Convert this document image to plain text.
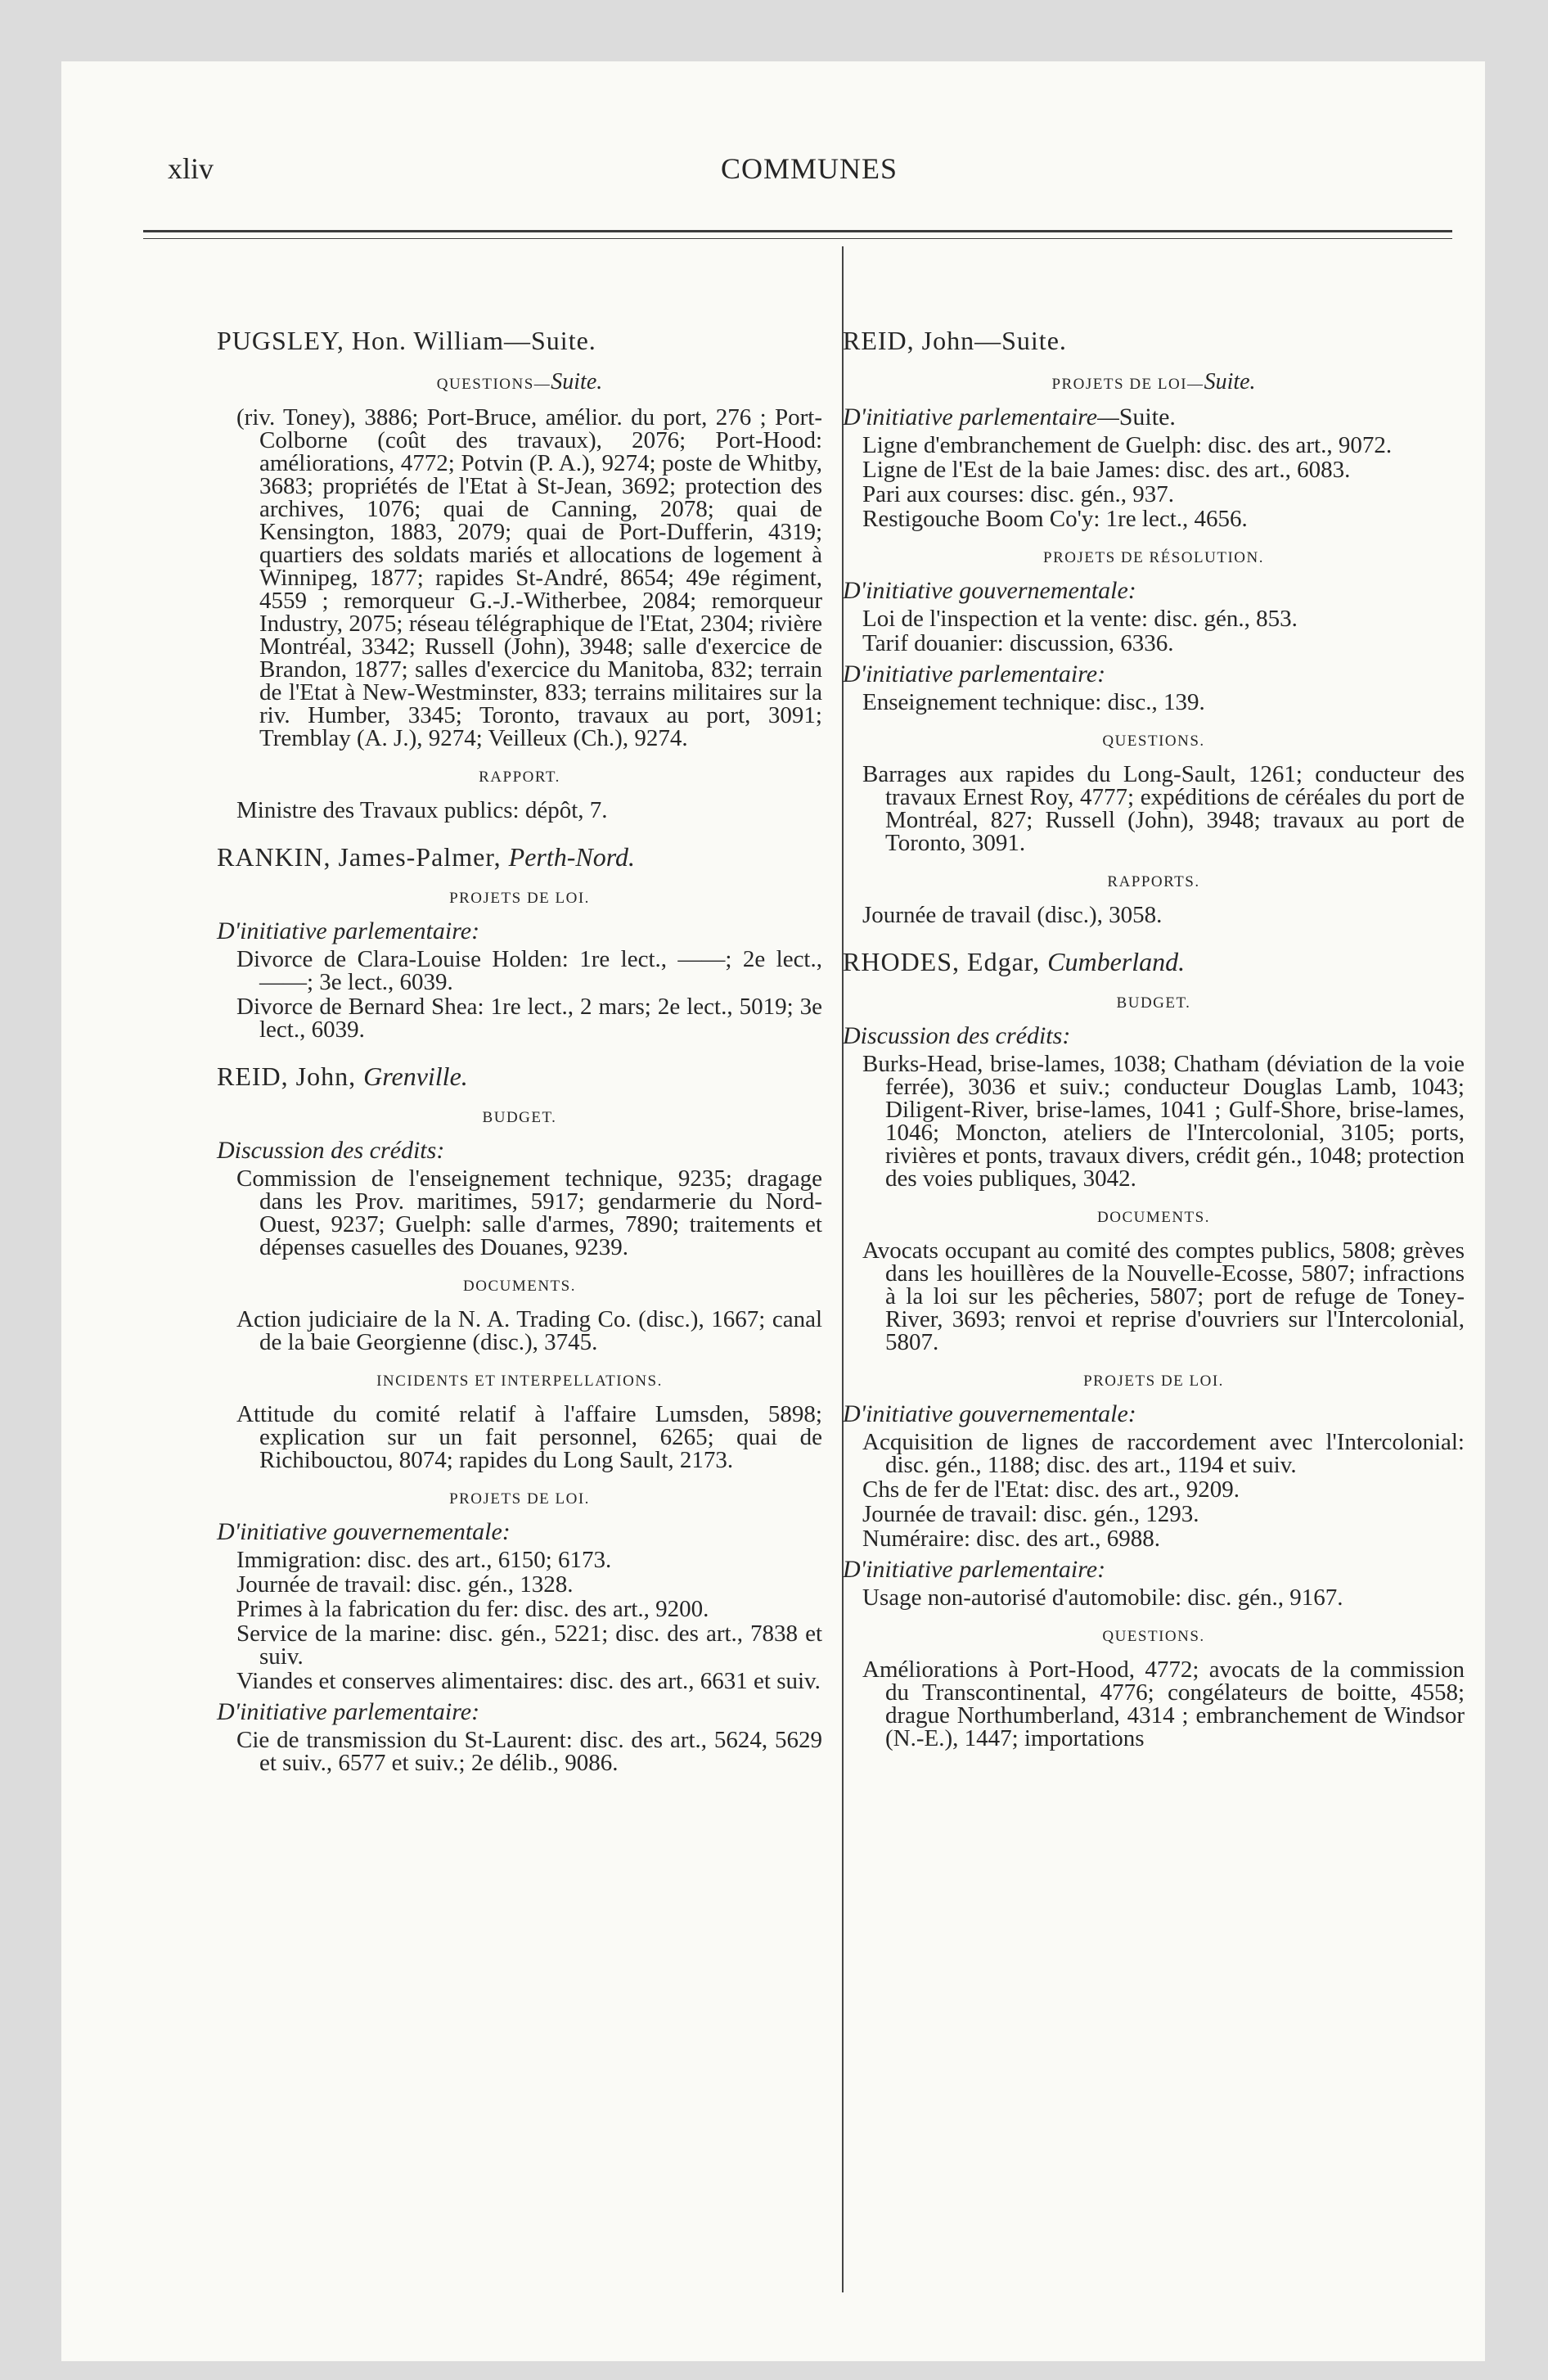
xliv	COMMUNES
PUGSLEY, Hon. William—Suite.
QUESTIONS—Suite.

(riv. Toney), 3886; Port-Bruce, amélior. du port, 276 ; Port-Colborne (coût des travaux), 2076; Port-Hood: améliorations, 4772; Potvin (P. A.), 9274; poste de Whitby, 3683; propriétés de l'Etat à St-Jean, 3692; protection des archives, 1076; quai de Canning, 2078; quai de Kensington, 1883, 2079; quai de Port-Dufferin, 4319; quartiers des soldats mariés et allocations de logement à Winnipeg, 1877; rapides St-André, 8654; 49e régiment, 4559 ; remorqueur G.-J.-Witherbee, 2084; remorqueur Industry, 2075; réseau télégraphique de l'Etat, 2304; rivière Montréal, 3342; Russell (John), 3948; salle d'exercice de Brandon, 1877; salles d'exercice du Manitoba, 832; terrain de l'Etat à New-Westminster, 833; terrains militaires sur la riv. Humber, 3345; Toronto, travaux au port, 3091; Tremblay (A. J.), 9274; Veilleux (Ch.), 9274.

RAPPORT.

Ministre des Travaux publics: dépôt, 7.

RANKIN, James-Palmer, Perth-Nord.
PROJETS DE LOI.
D'initiative parlementaire:

Divorce de Clara-Louise Holden: 1re lect., ——; 2e lect., ——; 3e lect., 6039.

Divorce de Bernard Shea: 1re lect., 2 mars; 2e lect., 5019; 3e lect., 6039.

REID, John, Grenville.
BUDGET.
Discussion des crédits:

Commission de l'enseignement technique, 9235; dragage dans les Prov. maritimes, 5917; gendarmerie du Nord-Ouest, 9237; Guelph: salle d'armes, 7890; traitements et dépenses casuelles des Douanes, 9239.

DOCUMENTS.

Action judiciaire de la N. A. Trading Co. (disc.), 1667; canal de la baie Georgienne (disc.), 3745.

INCIDENTS ET INTERPELLATIONS.

Attitude du comité relatif à l'affaire Lumsden, 5898; explication sur un fait personnel, 6265; quai de Richibouctou, 8074; rapides du Long Sault, 2173.

PROJETS DE LOI.
D'initiative gouvernementale:

Immigration: disc. des art., 6150; 6173.

Journée de travail: disc. gén., 1328.

Primes à la fabrication du fer: disc. des art., 9200.

Service de la marine: disc. gén., 5221; disc. des art., 7838 et suiv.

Viandes et conserves alimentaires: disc. des art., 6631 et suiv.

D'initiative parlementaire:

Cie de transmission du St-Laurent: disc. des art., 5624, 5629 et suiv., 6577 et suiv.; 2e délib., 9086.

REID, John—Suite.
PROJETS DE LOI—Suite.
D'initiative parlementaire—Suite.

Ligne d'embranchement de Guelph: disc. des art., 9072.

Ligne de l'Est de la baie James: disc. des art., 6083.

Pari aux courses: disc. gén., 937.

Restigouche Boom Co'y: 1re lect., 4656.

PROJETS DE RÉSOLUTION.
D'initiative gouvernementale:

Loi de l'inspection et la vente: disc. gén., 853.

Tarif douanier: discussion, 6336.

D'initiative parlementaire:

Enseignement technique: disc., 139.

QUESTIONS.

Barrages aux rapides du Long-Sault, 1261; conducteur des travaux Ernest Roy, 4777; expéditions de céréales du port de Montréal, 827; Russell (John), 3948; travaux au port de Toronto, 3091.

RAPPORTS.

Journée de travail (disc.), 3058.

RHODES, Edgar, Cumberland.
BUDGET.
Discussion des crédits:

Burks-Head, brise-lames, 1038; Chatham (déviation de la voie ferrée), 3036 et suiv.; conducteur Douglas Lamb, 1043; Diligent-River, brise-lames, 1041 ; Gulf-Shore, brise-lames, 1046; Moncton, ateliers de l'Intercolonial, 3105; ports, rivières et ponts, travaux divers, crédit gén., 1048; protection des voies publiques, 3042.

DOCUMENTS.

Avocats occupant au comité des comptes publics, 5808; grèves dans les houillères de la Nouvelle-Ecosse, 5807; infractions à la loi sur les pêcheries, 5807; port de refuge de Toney-River, 3693; renvoi et reprise d'ouvriers sur l'Intercolonial, 5807.

PROJETS DE LOI.
D'initiative gouvernementale:

Acquisition de lignes de raccordement avec l'Intercolonial: disc. gén., 1188; disc. des art., 1194 et suiv.

Chs de fer de l'Etat: disc. des art., 9209.

Journée de travail: disc. gén., 1293.

Numéraire: disc. des art., 6988.

D'initiative parlementaire:

Usage non-autorisé d'automobile: disc. gén., 9167.

QUESTIONS.

Améliorations à Port-Hood, 4772; avocats de la commission du Transcontinental, 4776; congélateurs de boitte, 4558; drague Northumberland, 4314 ; embranchement de Windsor (N.-E.), 1447; importations
